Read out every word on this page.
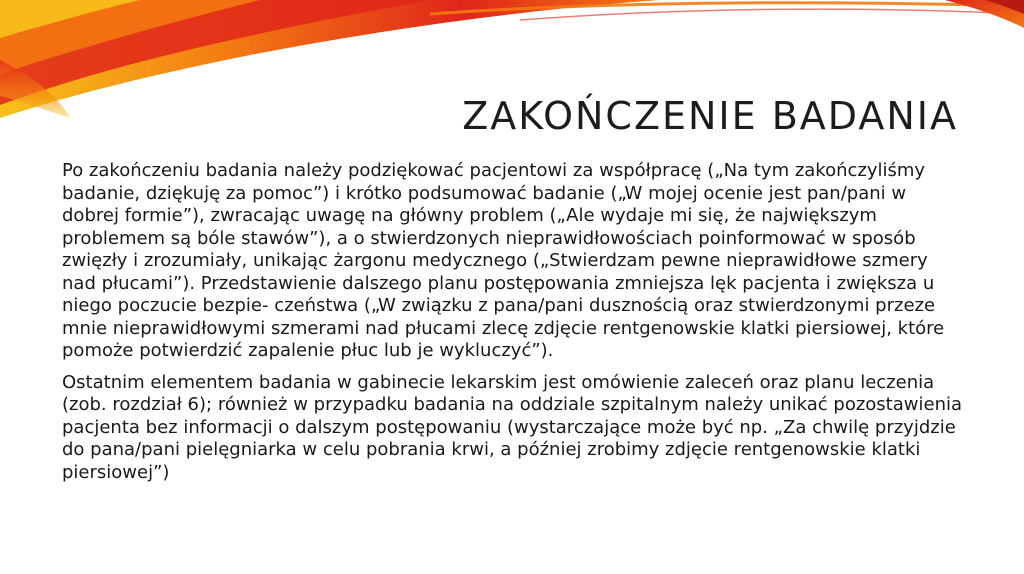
ZAKOŃCZENIE BADANIA

Po zakończeniu badania należy podziękować pacjentowi za współpracę („Na tym zakończyliśmy badanie, dziękuję za pomoc”) i krótko podsumować badanie („W mojej ocenie jest pan/pani w dobrej formie”), zwracając uwagę na główny problem („Ale wydaje mi się, że największym problemem są bóle stawów”), a o stwierdzonych nieprawidłowościach poinformować w sposób zwięzły i zrozumiały, unikając żargonu medycznego („Stwierdzam pewne nieprawidłowe szmery nad płucami”). Przedstawienie dalszego planu postępowania zmniejsza lęk pacjenta i zwiększa u niego poczucie bezpie- czeństwa („W związku z pana/pani dusznością oraz stwierdzonymi przeze mnie nieprawidłowymi szmerami nad płucami zlecę zdjęcie rentgenowskie klatki piersiowej, które pomoże potwierdzić zapalenie płuc lub je wykluczyć”).

Ostatnim elementem badania w gabinecie lekarskim jest omówienie zaleceń oraz planu leczenia (zob. rozdział 6); również w przypadku badania na oddziale szpitalnym należy unikać pozostawienia pacjenta bez informacji o dalszym postępowaniu (wystarczające może być np. „Za chwilę przyjdzie do pana/pani pielęgniarka w celu pobrania krwi, a później zrobimy zdjęcie rentgenowskie klatki piersiowej”)
